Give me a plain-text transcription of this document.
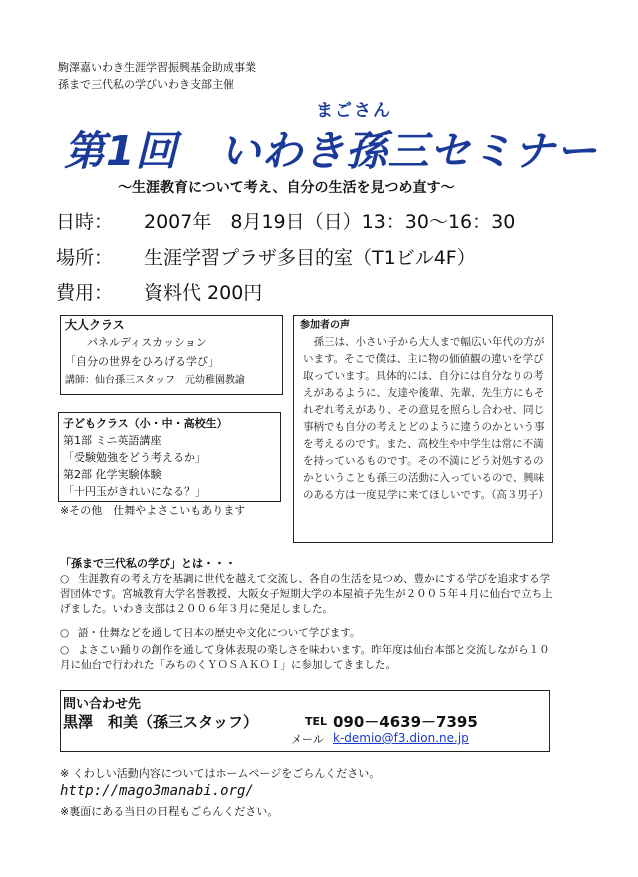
駒澤嘉いわき生涯学習振興基金助成事業
孫まで三代私の学びいわき支部主催
まごさん
第1回　いわき孫三セミナー
～生涯教育について考え、自分の生活を見つめ直す～
日時： 2007年　8月19日（日）13：30～16：30
場所： 生涯学習プラザ多目的室（T1ビル4F）
費用： 資料代 200円
大人クラス
パネルディスカッション
「自分の世界をひろげる学び」
講師：仙台孫三スタッフ　元幼稚園教諭
子どもクラス（小・中・高校生）
第1部 ミニ英語講座
「受験勉強をどう考えるか」
第2部 化学実験体験
「十円玉がきれいになる？」
※その他　仕舞やよさこいもあります
参加者の声

孫三は、小さい子から大人まで幅広い年代の方がいます。そこで僕は、主に物の価値観の違いを学び取っています。具体的には、自分には自分なりの考えがあるように、友達や後輩、先輩、先生方にもそれぞれ考えがあり、その意見を照らし合わせ、同じ事柄でも自分の考えとどのように違うのかという事を考えるのです。また、高校生や中学生は常に不満を持っているものです。その不満にどう対処するのかということも孫三の活動に入っているので、興味のある方は一度見学に来てほしいです。（高３男子）

「孫まで三代私の学び」とは・・・
○ 生涯教育の考え方を基調に世代を越えて交流し、各自の生活を見つめ、豊かにする学びを追求する学習団体です。宮城教育大学名誉教授、大阪女子短期大学の本屋禎子先生が２００５年４月に仙台で立ち上げました。いわき支部は２００６年３月に発足しました。
○ 語・仕舞などを通して日本の歴史や文化について学びます。
○ よさこい踊りの創作を通して身体表現の楽しさを味わいます。昨年度は仙台本部と交流しながら１０月に仙台で行われた「みちのくＹＯＳＡＫＯＩ」に参加してきました。
問い合わせ先
黒澤　和美（孫三スタッフ）	TEL 090－4639－7395
メール k-demio@f3.dion.ne.jp
※ くわしい活動内容についてはホームページをごらんください。
http://mago3manabi.org/
※裏面にある当日の日程もごらんください。
